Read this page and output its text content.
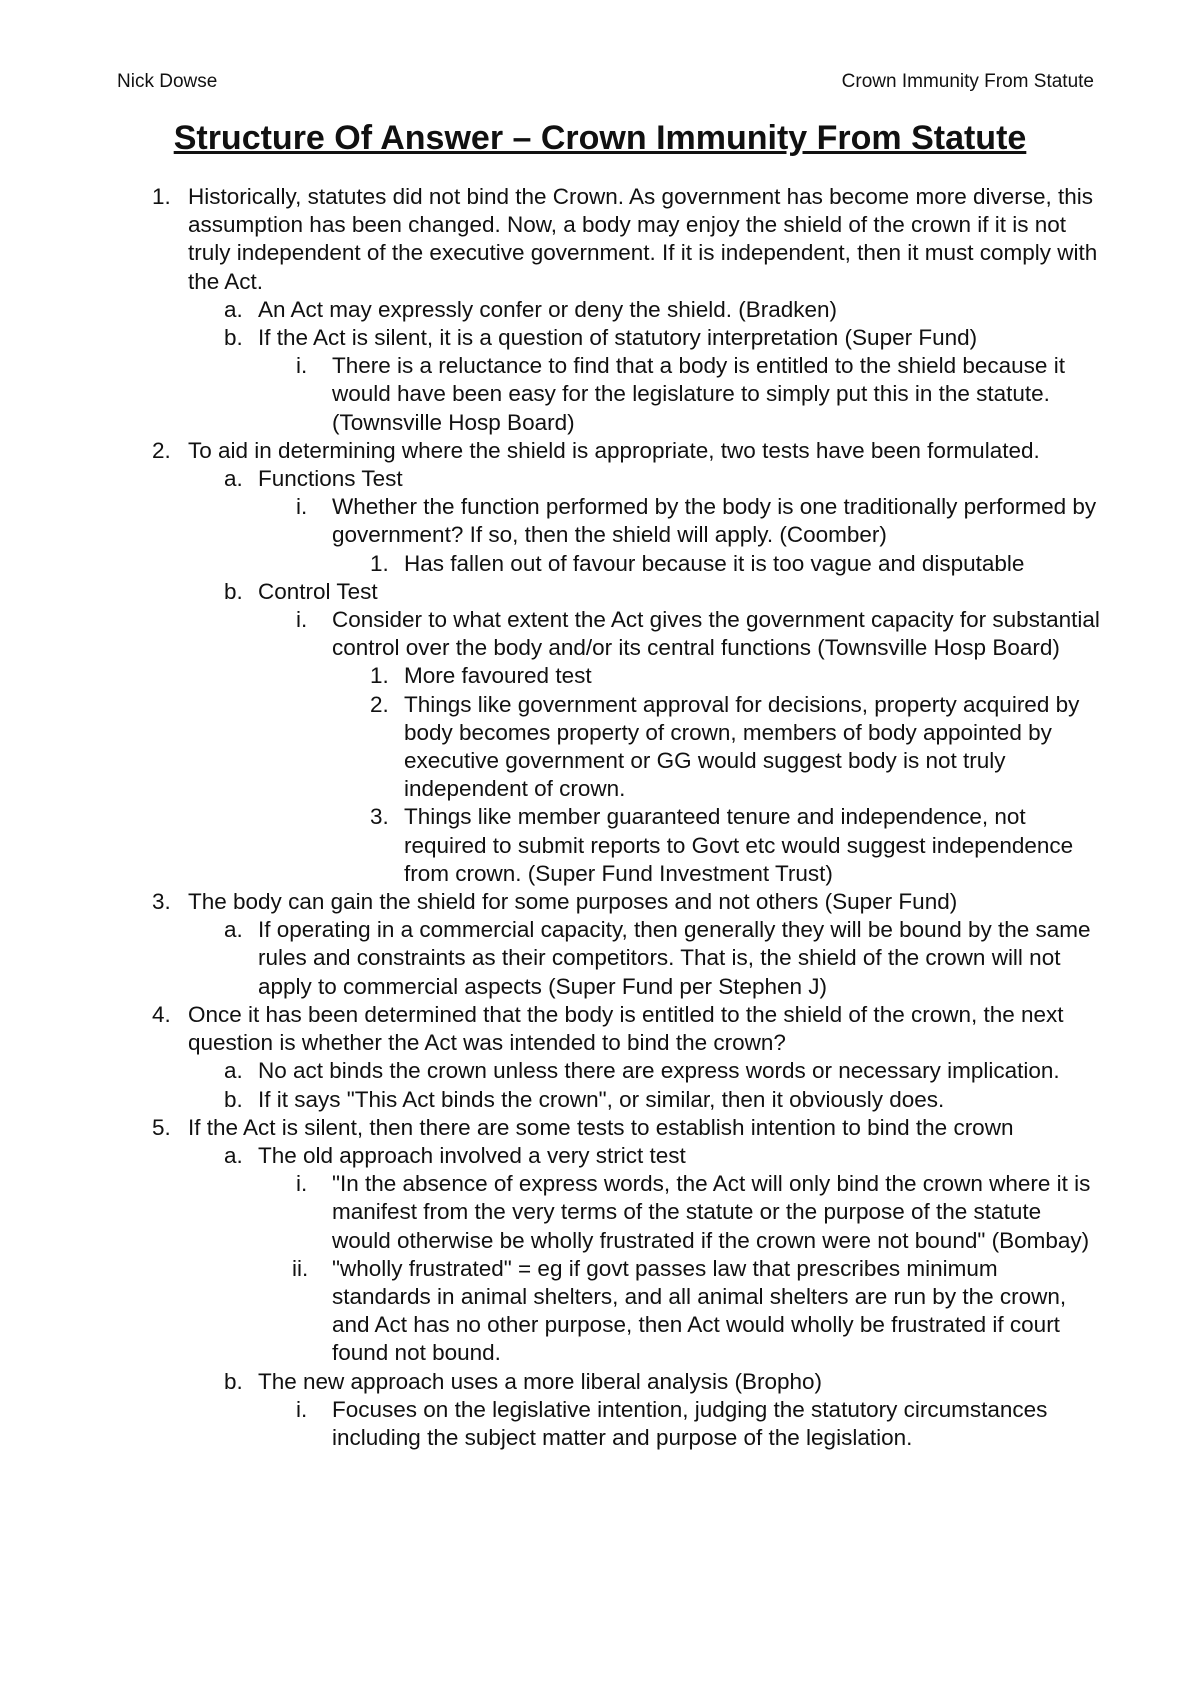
Nick Dowse	Crown Immunity From Statute
Structure Of Answer – Crown Immunity From Statute
1. Historically, statutes did not bind the Crown. As government has become more diverse, this assumption has been changed. Now, a body may enjoy the shield of the crown if it is not truly independent of the executive government. If it is independent, then it must comply with the Act.
a. An Act may expressly confer or deny the shield. (Bradken)
b. If the Act is silent, it is a question of statutory interpretation (Super Fund)
i. There is a reluctance to find that a body is entitled to the shield because it would have been easy for the legislature to simply put this in the statute. (Townsville Hosp Board)
2. To aid in determining where the shield is appropriate, two tests have been formulated.
a. Functions Test
i. Whether the function performed by the body is one traditionally performed by government? If so, then the shield will apply. (Coomber)
1. Has fallen out of favour because it is too vague and disputable
b. Control Test
i. Consider to what extent the Act gives the government capacity for substantial control over the body and/or its central functions (Townsville Hosp Board)
1. More favoured test
2. Things like government approval for decisions, property acquired by body becomes property of crown, members of body appointed by executive government or GG would suggest body is not truly independent of crown.
3. Things like member guaranteed tenure and independence, not required to submit reports to Govt etc would suggest independence from crown. (Super Fund Investment Trust)
3. The body can gain the shield for some purposes and not others (Super Fund)
a. If operating in a commercial capacity, then generally they will be bound by the same rules and constraints as their competitors. That is, the shield of the crown will not apply to commercial aspects (Super Fund per Stephen J)
4. Once it has been determined that the body is entitled to the shield of the crown, the next question is whether the Act was intended to bind the crown?
a. No act binds the crown unless there are express words or necessary implication.
b. If it says "This Act binds the crown", or similar, then it obviously does.
5. If the Act is silent, then there are some tests to establish intention to bind the crown
a. The old approach involved a very strict test
i. "In the absence of express words, the Act will only bind the crown where it is manifest from the very terms of the statute or the purpose of the statute would otherwise be wholly frustrated if the crown were not bound" (Bombay)
ii. "wholly frustrated" = eg if govt passes law that prescribes minimum standards in animal shelters, and all animal shelters are run by the crown, and Act has no other purpose, then Act would wholly be frustrated if court found not bound.
b. The new approach uses a more liberal analysis (Bropho)
i. Focuses on the legislative intention, judging the statutory circumstances including the subject matter and purpose of the legislation.
